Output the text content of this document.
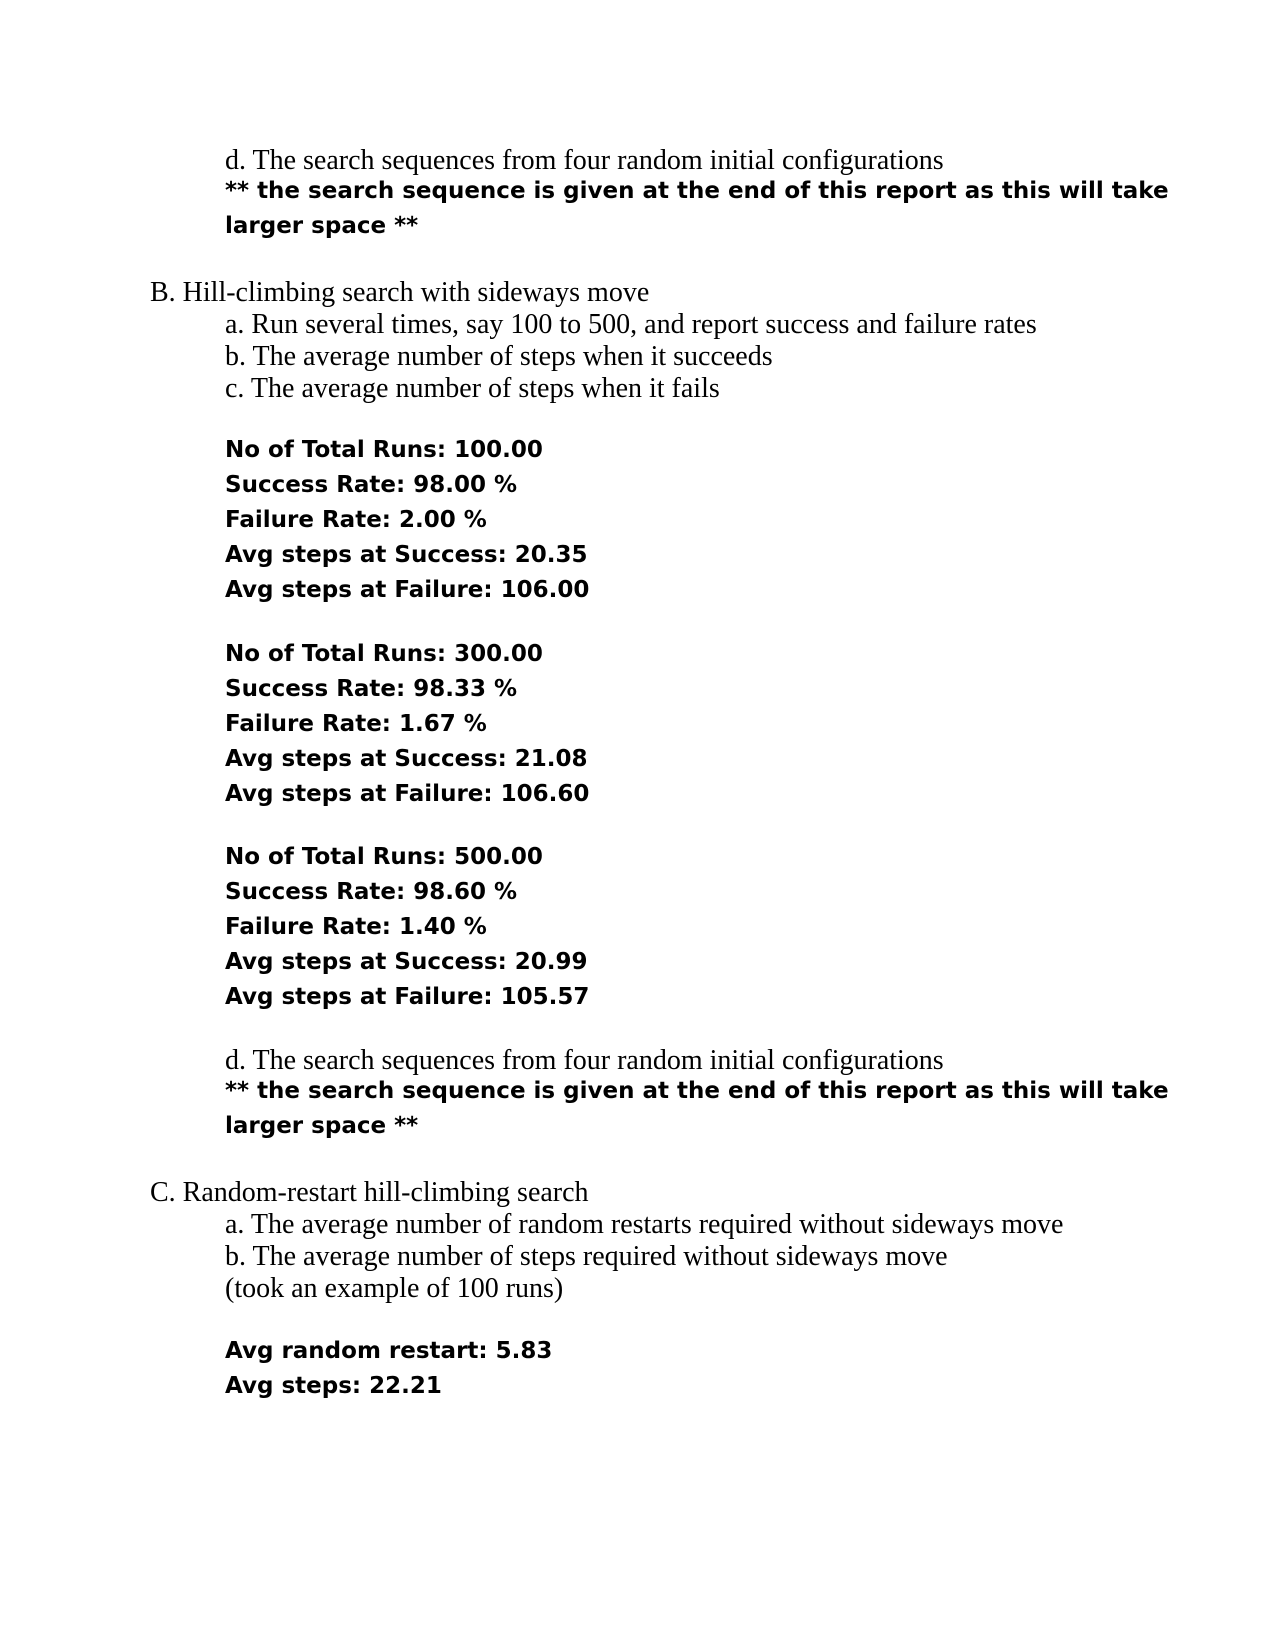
d. The search sequences from four random initial configurations

** the search sequence is given at the end of this report as this will take

larger space **

B. Hill-climbing search with sideways move

a. Run several times, say 100 to 500, and report success and failure rates

b. The average number of steps when it succeeds

c. The average number of steps when it fails

No of Total Runs: 100.00
Success Rate: 98.00 %
Failure Rate: 2.00 %
Avg steps at Success: 20.35
Avg steps at Failure: 106.00
No of Total Runs: 300.00
Success Rate: 98.33 %
Failure Rate: 1.67 %
Avg steps at Success: 21.08
Avg steps at Failure: 106.60
No of Total Runs: 500.00
Success Rate: 98.60 %
Failure Rate: 1.40 %
Avg steps at Success: 20.99
Avg steps at Failure: 105.57

d. The search sequences from four random initial configurations

** the search sequence is given at the end of this report as this will take

larger space **

C. Random-restart hill-climbing search

a. The average number of random restarts required without sideways move

b. The average number of steps required without sideways move

(took an example of 100 runs)

Avg random restart: 5.83
Avg steps: 22.21
